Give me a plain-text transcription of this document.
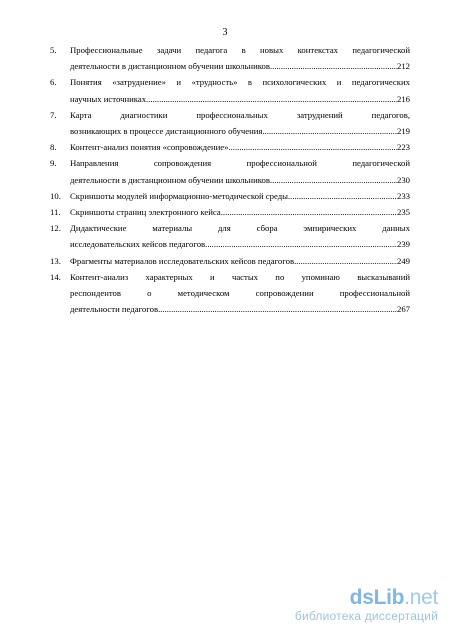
3
5.	Профессиональные задачи педагога в новых контекстах педагогической
деятельности в дистанционном обучении школьников .....	212
6.	Понятия «затруднение» и «трудность» в психологических и педагогических
научных источниках .....	216
7.	Карта диагностики профессиональных затруднений педагогов,
возникающих в процессе дистанционного обучения .....	219
8.	Контент-анализ понятия «сопровождение» .....	223
9.	Направления сопровождения профессиональной педагогической
деятельности в дистанционном обучении школьников .....	230
10.	Скриншоты модулей информационно-методической среды .....	233
11.	Скриншоты страниц электронного кейса .....	235
12.	Дидактические материалы для сбора эмпирических данных
исследовательских кейсов педагогов .....	239
13.	Фрагменты материалов исследовательских кейсов педагогов .....	249
14.	Контент-анализ характерных и частых по упоминаю высказываний
респондентов о методическом сопровождении профессиональной
деятельности педагогов .....	267
dsLib.net
библиотека диссертаций
